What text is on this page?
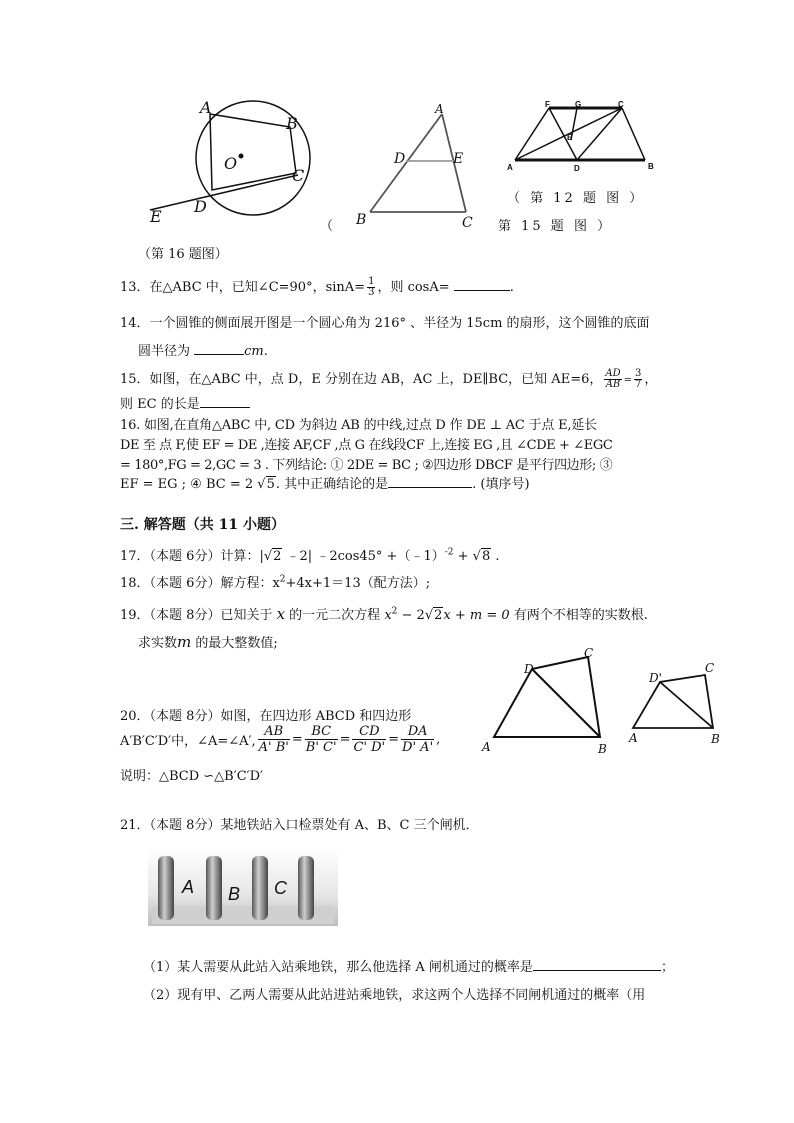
A
B
C
D
E
O
A
D	E
B	C
F	G	C
E
A	D	B
（ 第 12 题 图 ）
（	第 15 题 图 ）
（第 16 题图）
13．在△ABC 中，已知∠C=90°，$\sin A= \frac{1}{3}$ ，则 cosA=	.
14．一个圆锥的侧面展开图是一个圆心角为 216° 、半径为 15cm 的扇形，这个圆锥的底面
圆半径为	cm.
15．如图，在△ABC 中，点 D，E 分别在边 AB，AC 上，DE∥BC，已知 AE=6， $\frac{AD}{AB} = \frac{3}{7}$ ，
则 EC 的长是
16. 如图,在直角△ABC 中, CD 为斜边 AB 的中线,过点 D 作 DE ⊥ AC 于点 E,延长
DE 至 点 F,使 EF = DE ,连接 AF,CF ,点 G 在线段CF 上,连接 EG ,且 ∠CDE + ∠EGC
= 180°,FG = 2,GC = 3 . 下列结论: ① 2DE = BC ; ②四边形 DBCF 是平行四边形; ③
EF = EG ; ④ BC = 2 √5. 其中正确结论的是	. (填序号)
三. 解答题（共 11 小题）
17．（本题 6分）计算：|√2 ﹣2| ﹣2cos45° +（﹣1）$^{-2}$ + √8 .
18．（本题 6分）解方程：$x^2+4x+1=13$（配方法）;
19．（本题 8分）已知关于 x 的一元二次方程 $x^2 - 2√2x + m = 0$ 有两个不相等的实数根.
求实数m 的最大整数值;
A	B
C
D
A	B
C
D'
20．（本题 8分）如图，在四边形 ABCD 和四边形
A′B′C′D′中，∠A=∠A′, $\frac{AB}{A' B'} = \frac{BC}{B' C'} = \frac{CD}{C' D'} = \frac{DA}{D' A'}$ ,
说明：△BCD ∽△B′C′D′
21．（本题 8分）某地铁站入口检票处有 A、B、C 三个闸机．
A B C
（1）某人需要从此站入站乘地铁，那么他选择 A 闸机通过的概率是	；
（2）现有甲、乙两人需要从此站进站乘地铁，求这两个人选择不同闸机通过的概率（用
